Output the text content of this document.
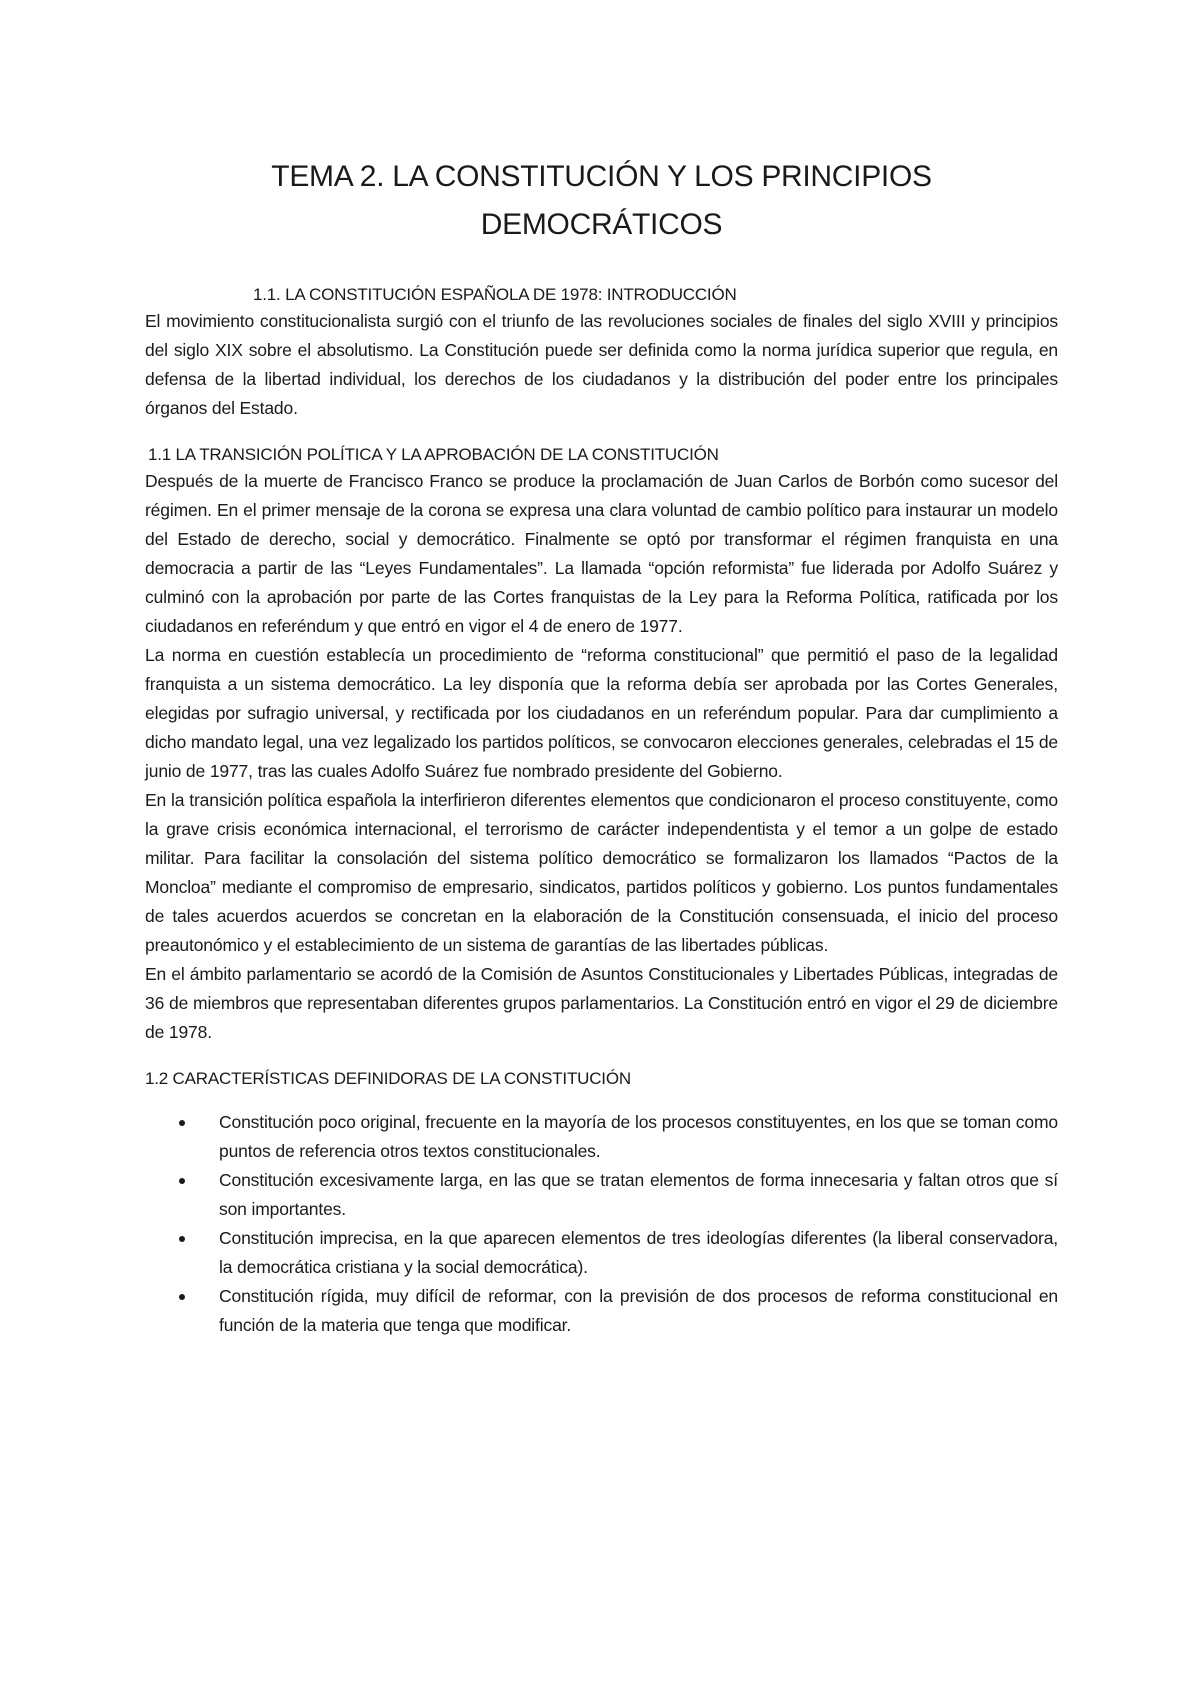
TEMA 2. LA CONSTITUCIÓN Y LOS PRINCIPIOS
DEMOCRÁTICOS
1.1. LA CONSTITUCIÓN ESPAÑOLA DE 1978: INTRODUCCIÓN

El movimiento constitucionalista surgió con el triunfo de las revoluciones sociales de finales del siglo XVIII y principios del siglo XIX sobre el absolutismo. La Constitución puede ser definida como la norma jurídica superior que regula, en defensa de la libertad individual, los derechos de los ciudadanos y la distribución del poder entre los principales órganos del Estado.

1.1 LA TRANSICIÓN POLÍTICA Y LA APROBACIÓN DE LA CONSTITUCIÓN

Después de la muerte de Francisco Franco se produce la proclamación de Juan Carlos de Borbón como sucesor del régimen. En el primer mensaje de la corona se expresa una clara voluntad de cambio político para instaurar un modelo del Estado de derecho, social y democrático. Finalmente se optó por transformar el régimen franquista en una democracia a partir de las “Leyes Fundamentales”. La llamada “opción reformista” fue liderada por Adolfo Suárez y culminó con la aprobación por parte de las Cortes franquistas de la Ley para la Reforma Política, ratificada por los ciudadanos en referéndum y que entró en vigor el 4 de enero de 1977.

La norma en cuestión establecía un procedimiento de “reforma constitucional” que permitió el paso de la legalidad franquista a un sistema democrático. La ley disponía que la reforma debía ser aprobada por las Cortes Generales, elegidas por sufragio universal, y rectificada por los ciudadanos en un referéndum popular. Para dar cumplimiento a dicho mandato legal, una vez legalizado los partidos políticos, se convocaron elecciones generales, celebradas el 15 de junio de 1977, tras las cuales Adolfo Suárez fue nombrado presidente del Gobierno.

En la transición política española la interfirieron diferentes elementos que condicionaron el proceso constituyente, como la grave crisis económica internacional, el terrorismo de carácter independentista y el temor a un golpe de estado militar. Para facilitar la consolación del sistema político democrático se formalizaron los llamados “Pactos de la Moncloa” mediante el compromiso de empresario, sindicatos, partidos políticos y gobierno. Los puntos fundamentales de tales acuerdos acuerdos se concretan en la elaboración de la Constitución consensuada, el inicio del proceso preautonómico y el establecimiento de un sistema de garantías de las libertades públicas.

En el ámbito parlamentario se acordó de la Comisión de Asuntos Constitucionales y Libertades Públicas, integradas de 36 de miembros que representaban diferentes grupos parlamentarios. La Constitución entró en vigor el 29 de diciembre de 1978.

1.2 CARACTERÍSTICAS DEFINIDORAS DE LA CONSTITUCIÓN
Constitución poco original, frecuente en la mayoría de los procesos constituyentes, en los que se toman como puntos de referencia otros textos constitucionales.
Constitución excesivamente larga, en las que se tratan elementos de forma innecesaria y faltan otros que sí son importantes.
Constitución imprecisa, en la que aparecen elementos de tres ideologías diferentes (la liberal conservadora, la democrática cristiana y la social democrática).
Constitución rígida, muy difícil de reformar, con la previsión de dos procesos de reforma constitucional en función de la materia que tenga que modificar.
